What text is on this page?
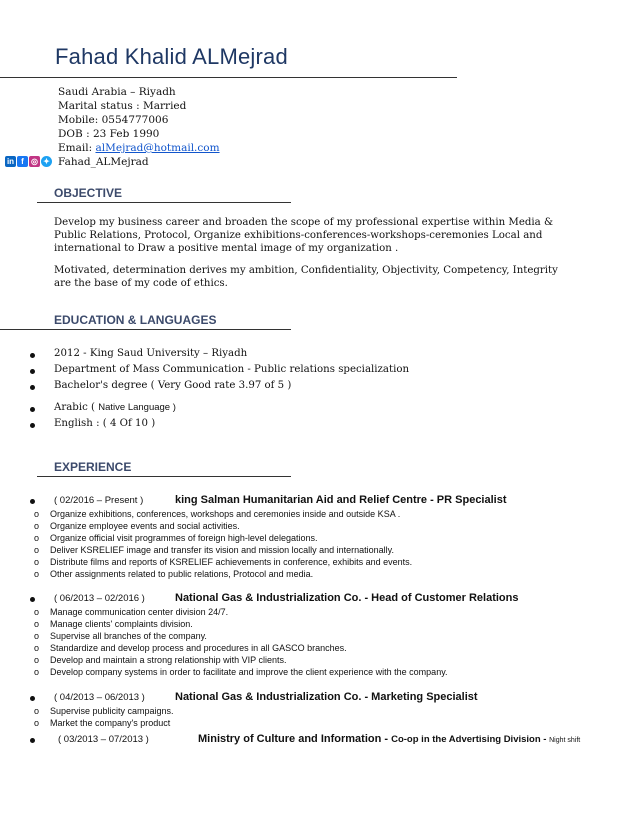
Fahad Khalid ALMejrad
Saudi Arabia – Riyadh
Marital status : Married
Mobile: 0554777006
DOB : 23 Feb 1990
Email: alMejrad@hotmail.com
Fahad_ALMejrad
in f ◎ ✦
OBJECTIVE
Develop my business career and broaden the scope of my professional expertise within Media & Public Relations, Protocol, Organize exhibitions-conferences-workshops-ceremonies Local and international to Draw a positive mental image of my organization .
Motivated, determination derives my ambition, Confidentiality, Objectivity, Competency, Integrity are the base of my code of ethics.
EDUCATION & LANGUAGES
2012 - King Saud University – Riyadh
Department of Mass Communication - Public relations specialization
Bachelor's degree ( Very Good rate 3.97 of 5 )
Arabic ( Native Language )
English : ( 4 Of 10 )
EXPERIENCE
( 02/2016 – Present )	king Salman Humanitarian Aid and Relief Centre - PR Specialist
o Organize exhibitions, conferences, workshops and ceremonies inside and outside KSA .
o Organize employee events and social activities.
o Organize official visit programmes of foreign high-level delegations.
o Deliver KSRELIEF image and transfer its vision and mission locally and internationally.
o Distribute films and reports of KSRELIEF achievements in conference, exhibits and events.
o Other assignments related to public relations, Protocol and media.
( 06/2013 – 02/2016 )	National Gas & Industrialization Co. - Head of Customer Relations
o Manage communication center division 24/7.
o Manage clients' complaints division.
o Supervise all branches of the company.
o Standardize and develop process and procedures in all GASCO branches.
o Develop and maintain a strong relationship with VIP clients.
o Develop company systems in order to facilitate and improve the client experience with the company.
( 04/2013 – 06/2013 )	National Gas & Industrialization Co. - Marketing Specialist
o Supervise publicity campaigns.
o Market the company's product
( 03/2013 – 07/2013 )	Ministry of Culture and Information - Co-op in the Advertising Division - Night shift
